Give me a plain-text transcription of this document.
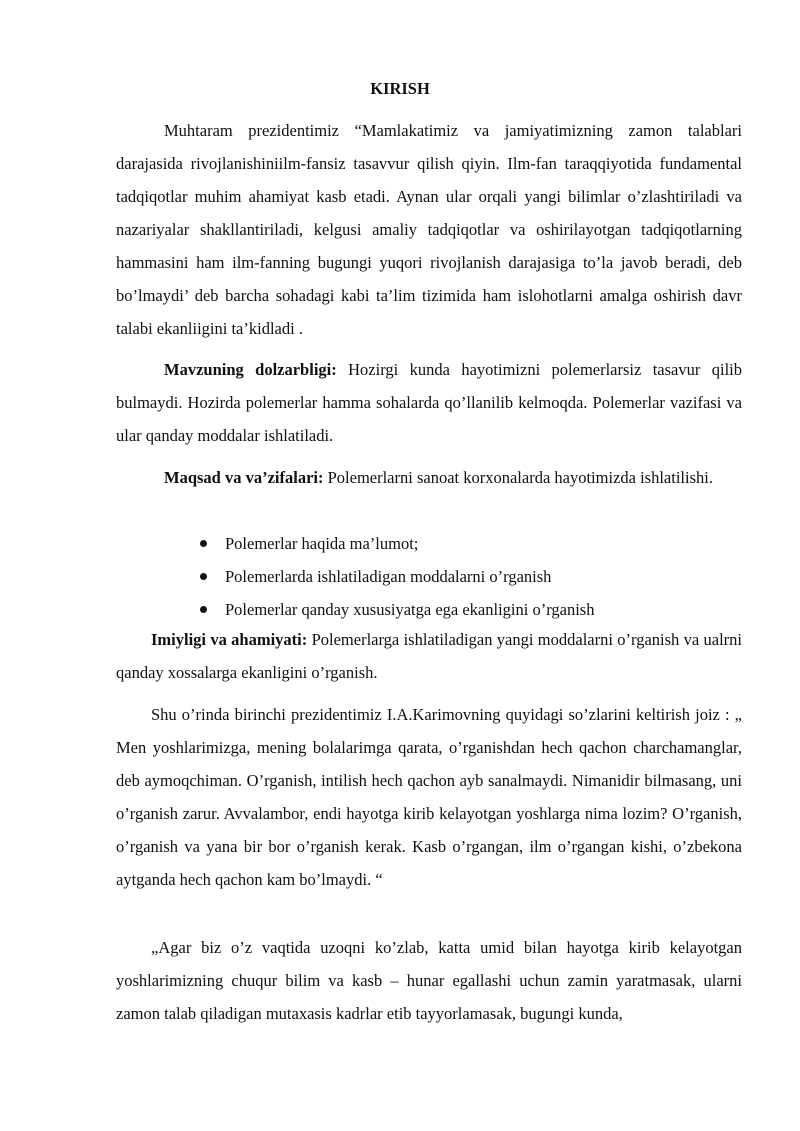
KIRISH

Muhtaram prezidentimiz “Mamlakatimiz va jamiyatimizning zamon talablari darajasida rivojlanishiniilm-fansiz tasavvur qilish qiyin. Ilm-fan taraqqiyotida fundamental tadqiqotlar muhim ahamiyat kasb etadi. Aynan ular orqali yangi bilimlar o’zlashtiriladi va nazariyalar shakllantiriladi, kelgusi amaliy tadqiqotlar va oshirilayotgan tadqiqotlarning hammasini ham ilm-fanning bugungi yuqori rivojlanish darajasiga to’la javob beradi, deb bo’lmaydi’ deb barcha sohadagi kabi ta’lim tizimida ham islohotlarni amalga oshirish davr talabi ekanliigini ta’kidladi .

Mavzuning dolzarbligi: Hozirgi kunda hayotimizni polemerlarsiz tasavur qilib bulmaydi. Hozirda polemerlar hamma sohalarda qo’llanilib kelmoqda. Polemerlar vazifasi va ular qanday moddalar ishlatiladi.

Maqsad va va’zifalari: Polemerlarni sanoat korxonalarda hayotimizda ishlatilishi.

Polemerlar haqida ma’lumot;
Polemerlarda ishlatiladigan moddalarni o’rganish
Polemerlar qanday xususiyatga ega ekanligini o’rganish

Imiyligi va ahamiyati: Polemerlarga ishlatiladigan yangi moddalarni o’rganish va ualrni qanday xossalarga ekanligini o’rganish.

Shu o’rinda birinchi prezidentimiz I.A.Karimovning quyidagi so’zlarini keltirish joiz : „ Men yoshlarimizga, mening bolalarimga qarata, o’rganishdan hech qachon charchamanglar, deb aymoqchiman. O’rganish, intilish hech qachon ayb sanalmaydi. Nimanidir bilmasang, uni o’rganish zarur. Avvalambor, endi hayotga kirib kelayotgan yoshlarga nima lozim? O’rganish, o’rganish va yana bir bor o’rganish kerak. Kasb o’rgangan, ilm o’rgangan kishi, o’zbekona aytganda hech qachon kam bo’lmaydi. “

„Agar biz o’z vaqtida uzoqni ko’zlab, katta umid bilan hayotga kirib kelayotgan yoshlarimizning chuqur bilim va kasb – hunar egallashi uchun zamin yaratmasak, ularni zamon talab qiladigan mutaxasis kadrlar etib tayyorlamasak, bugungi kunda,
